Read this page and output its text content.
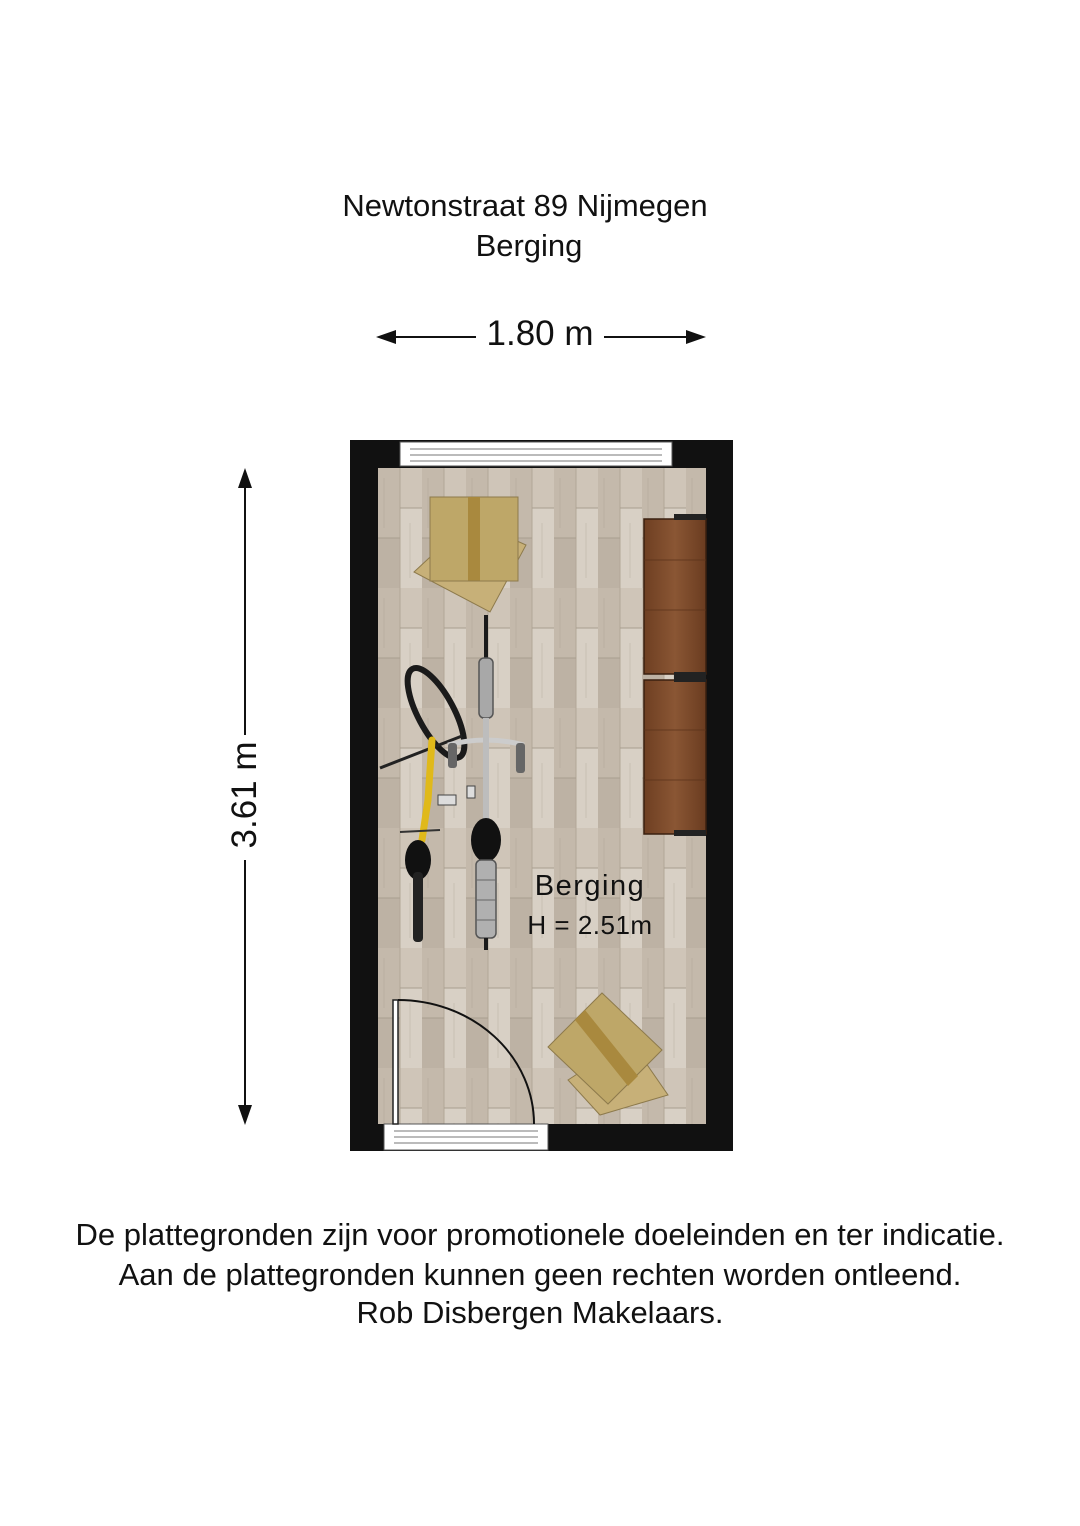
Newtonstraat 89 Nijmegen
Berging
1.80 m
3.61 m
Berging
H = 2.51m
De plattegronden zijn voor promotionele doeleinden en ter indicatie.
Aan de plattegronden kunnen geen rechten worden ontleend.
Rob Disbergen Makelaars.
